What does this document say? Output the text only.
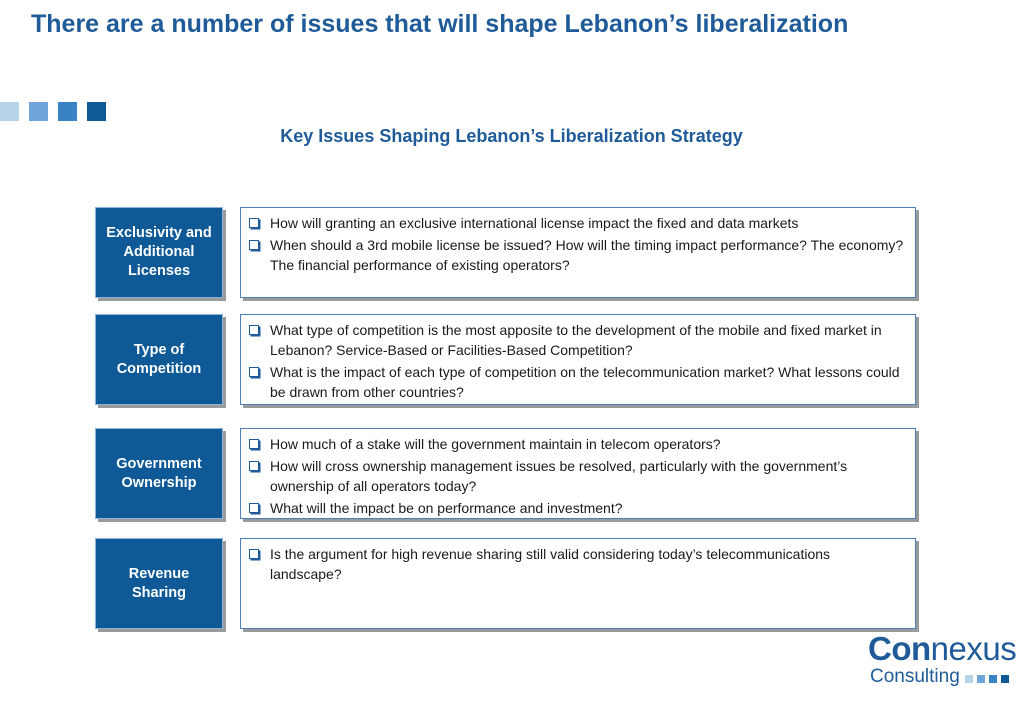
There are a number of issues that will shape Lebanon’s liberalization
Key Issues Shaping Lebanon’s Liberalization Strategy
Exclusivity and Additional Licenses
How will granting an exclusive international license impact the fixed and data markets
When should a 3rd mobile license be issued? How will the timing impact performance? The economy? The financial performance of existing operators?
Type of Competition
What type of competition is the most apposite to the development of the mobile and fixed market in Lebanon? Service-Based or Facilities-Based Competition?
What is the impact of each type of competition on the telecommunication market? What lessons could be drawn from other countries?
Government Ownership
How much of a stake will the government maintain in telecom operators?
How will cross ownership management issues be resolved, particularly with the government’s ownership of all operators today?
What will the impact be on performance and investment?
Revenue Sharing
Is the argument for high revenue sharing still valid considering today’s telecommunications landscape?
Connexus
Consulting
